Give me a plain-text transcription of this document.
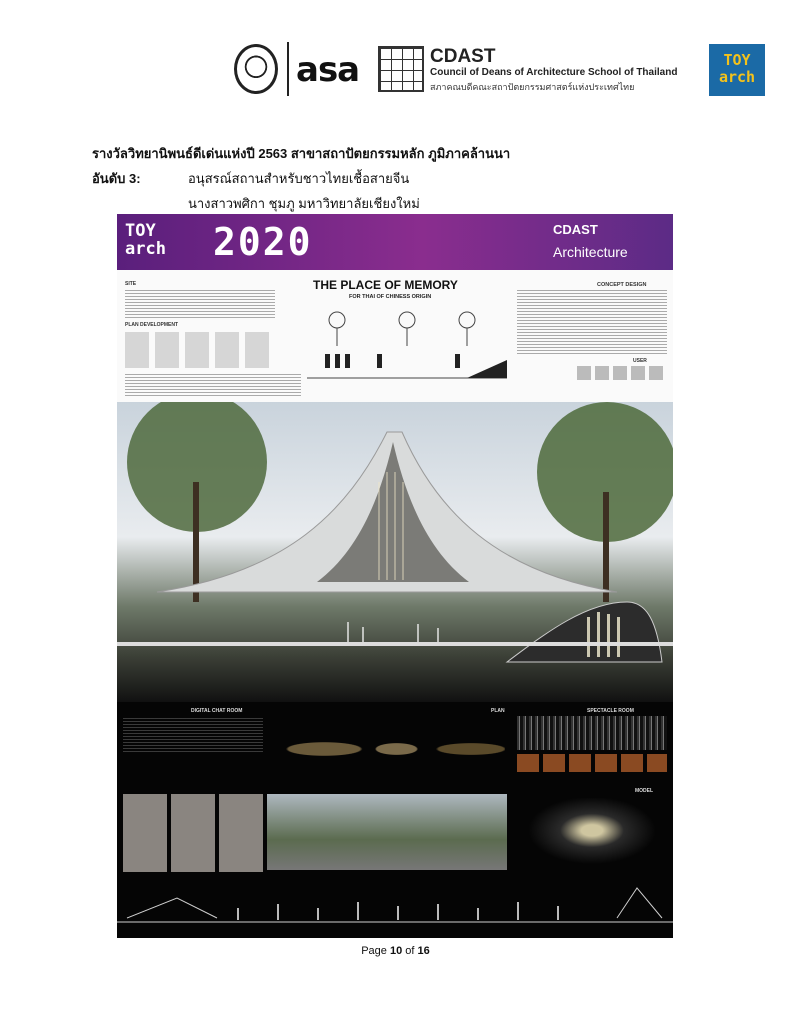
asa	CDAST
Council of Deans of Architecture School of Thailand
สภาคณบดีคณะสถาปัตยกรรมศาสตร์แห่งประเทศไทย
TOY
arch
รางวัลวิทยานิพนธ์ดีเด่นแห่งปี 2563 สาขาสถาปัตยกรรมหลัก ภูมิภาคล้านนา
อันดับ 3:	อนุสรณ์สถานสำหรับชาวไทยเชื้อสายจีน
นางสาวพศิกา ชุมภู มหาวิทยาลัยเชียงใหม่
TOY
arch 2020	CDAST
Architecture
SITE
PLAN DEVELOPMENT
THE PLACE OF MEMORY
FOR THAI OF CHINESS ORIGIN
CONCEPT DESIGN
USER
DIGITAL CHAT ROOM	PLAN	SPECTACLE ROOM
MODEL
Page 10 of 16
